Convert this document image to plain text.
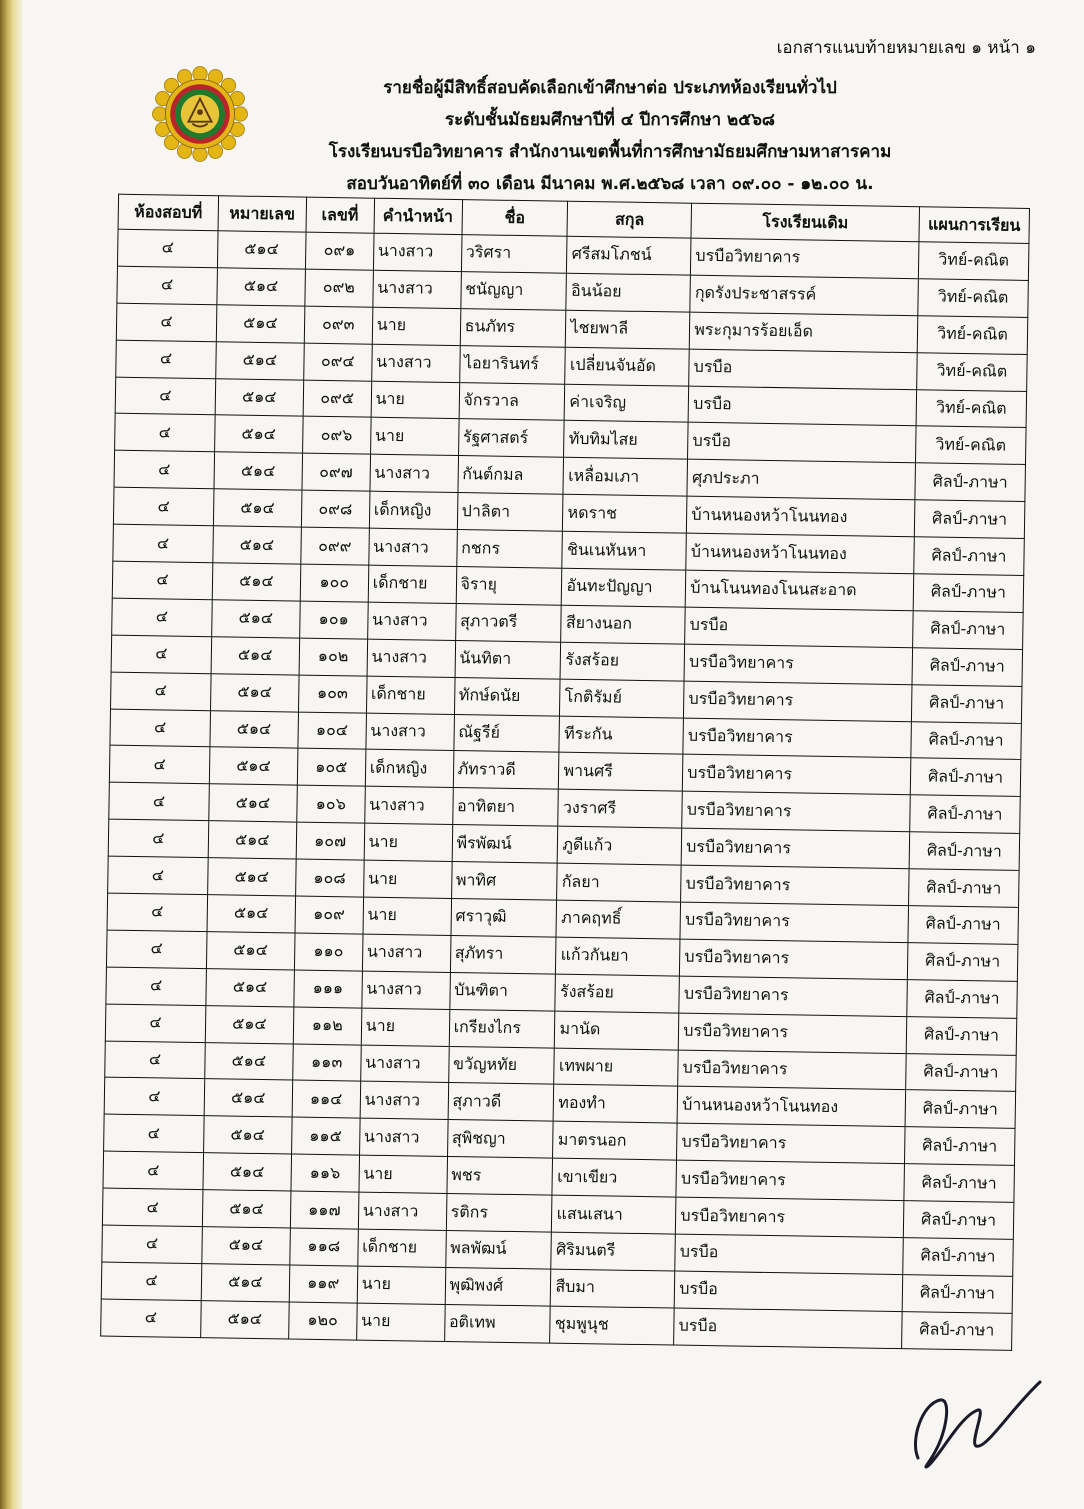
เอกสารแนบท้ายหมายเลข ๑ หน้า ๑
รายชื่อผู้มีสิทธิ์สอบคัดเลือกเข้าศึกษาต่อ ประเภทห้องเรียนทั่วไป
ระดับชั้นมัธยมศึกษาปีที่ ๔ ปีการศึกษา ๒๕๖๘
โรงเรียนบรบือวิทยาคาร สำนักงานเขตพื้นที่การศึกษามัธยมศึกษามหาสารคาม
สอบวันอาทิตย์ที่ ๓๐ เดือน มีนาคม พ.ศ.๒๕๖๘ เวลา ๐๙.๐๐ - ๑๒.๐๐ น.
ห้องสอบที่	หมายเลข	เลขที่	คำนำหน้า	ชื่อ	สกุล	โรงเรียนเดิม	แผนการเรียน
๔	๕๑๔	๐๙๑	นางสาว	วริศรา	ศรีสมโภชน์	บรบือวิทยาคาร	วิทย์-คณิต
๔	๕๑๔	๐๙๒	นางสาว	ชนัญญา	อินน้อย	กุดรังประชาสรรค์	วิทย์-คณิต
๔	๕๑๔	๐๙๓	นาย	ธนภัทร	ไชยพาลี	พระกุมารร้อยเอ็ด	วิทย์-คณิต
๔	๕๑๔	๐๙๔	นางสาว	ไอยารินทร์	เปลี่ยนจันอัด	บรบือ	วิทย์-คณิต
๔	๕๑๔	๐๙๕	นาย	จักรวาล	ค่าเจริญ	บรบือ	วิทย์-คณิต
๔	๕๑๔	๐๙๖	นาย	รัฐศาสตร์	ทับทิมไสย	บรบือ	วิทย์-คณิต
๔	๕๑๔	๐๙๗	นางสาว	กันต์กมล	เหลื่อมเภา	ศุภประภา	ศิลป์-ภาษา
๔	๕๑๔	๐๙๘	เด็กหญิง	ปาลิตา	หดราช	บ้านหนองหว้าโนนทอง	ศิลป์-ภาษา
๔	๕๑๔	๐๙๙	นางสาว	กชกร	ชินเนหันหา	บ้านหนองหว้าโนนทอง	ศิลป์-ภาษา
๔	๕๑๔	๑๐๐	เด็กชาย	จิรายุ	อันทะปัญญา	บ้านโนนทองโนนสะอาด	ศิลป์-ภาษา
๔	๕๑๔	๑๐๑	นางสาว	สุภาวตรี	สียางนอก	บรบือ	ศิลป์-ภาษา
๔	๕๑๔	๑๐๒	นางสาว	นันทิตา	รังสร้อย	บรบือวิทยาคาร	ศิลป์-ภาษา
๔	๕๑๔	๑๐๓	เด็กชาย	ทักษ์ดนัย	โกติรัมย์	บรบือวิทยาคาร	ศิลป์-ภาษา
๔	๕๑๔	๑๐๔	นางสาว	ณัฐรีย์	ทีระกัน	บรบือวิทยาคาร	ศิลป์-ภาษา
๔	๕๑๔	๑๐๕	เด็กหญิง	ภัทราวดี	พานศรี	บรบือวิทยาคาร	ศิลป์-ภาษา
๔	๕๑๔	๑๐๖	นางสาว	อาทิตยา	วงราศรี	บรบือวิทยาคาร	ศิลป์-ภาษา
๔	๕๑๔	๑๐๗	นาย	พีรพัฒน์	ภูดีแก้ว	บรบือวิทยาคาร	ศิลป์-ภาษา
๔	๕๑๔	๑๐๘	นาย	พาทิศ	กัลยา	บรบือวิทยาคาร	ศิลป์-ภาษา
๔	๕๑๔	๑๐๙	นาย	ศราวุฒิ	ภาคฤทธิ์	บรบือวิทยาคาร	ศิลป์-ภาษา
๔	๕๑๔	๑๑๐	นางสาว	สุภัทรา	แก้วกันยา	บรบือวิทยาคาร	ศิลป์-ภาษา
๔	๕๑๔	๑๑๑	นางสาว	บันฑิตา	รังสร้อย	บรบือวิทยาคาร	ศิลป์-ภาษา
๔	๕๑๔	๑๑๒	นาย	เกรียงไกร	มานัด	บรบือวิทยาคาร	ศิลป์-ภาษา
๔	๕๑๔	๑๑๓	นางสาว	ขวัญหทัย	เทพผาย	บรบือวิทยาคาร	ศิลป์-ภาษา
๔	๕๑๔	๑๑๔	นางสาว	สุภาวดี	ทองทำ	บ้านหนองหว้าโนนทอง	ศิลป์-ภาษา
๔	๕๑๔	๑๑๕	นางสาว	สุพิชญา	มาตรนอก	บรบือวิทยาคาร	ศิลป์-ภาษา
๔	๕๑๔	๑๑๖	นาย	พชร	เขาเขียว	บรบือวิทยาคาร	ศิลป์-ภาษา
๔	๕๑๔	๑๑๗	นางสาว	รติกร	แสนเสนา	บรบือวิทยาคาร	ศิลป์-ภาษา
๔	๕๑๔	๑๑๘	เด็กชาย	พลพัฒน์	ศิริมนตรี	บรบือ	ศิลป์-ภาษา
๔	๕๑๔	๑๑๙	นาย	พุฒิพงศ์	สืบมา	บรบือ	ศิลป์-ภาษา
๔	๕๑๔	๑๒๐	นาย	อติเทพ	ชุมพูนุช	บรบือ	ศิลป์-ภาษา
